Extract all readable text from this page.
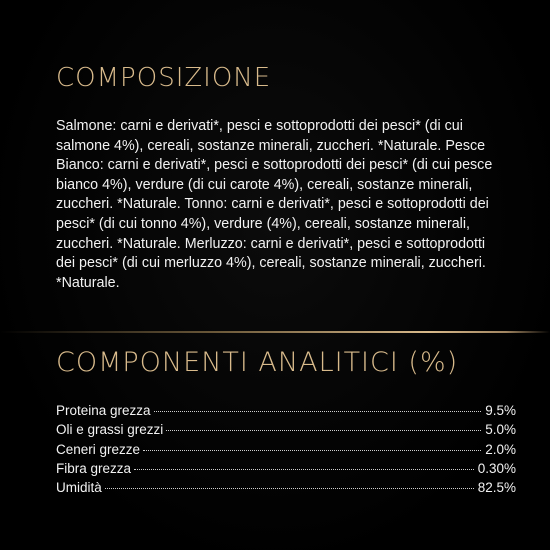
COMPOSIZIONE
Salmone: carni e derivati*, pesci e sottoprodotti dei pesci* (di cui salmone 4%), cereali, sostanze minerali, zuccheri. *Naturale. Pesce Bianco: carni e derivati*, pesci e sottoprodotti dei pesci* (di cui pesce bianco 4%), verdure (di cui carote 4%), cereali, sostanze minerali, zuccheri. *Naturale. Tonno: carni e derivati*, pesci e sottoprodotti dei pesci* (di cui tonno 4%), verdure (4%), cereali, sostanze minerali, zuccheri. *Naturale. Merluzzo: carni e derivati*, pesci e sottoprodotti dei pesci* (di cui merluzzo 4%), cereali, sostanze minerali, zuccheri. *Naturale.
COMPONENTI ANALITICI (%)
Proteina grezza	9.5%
Oli e grassi grezzi	5.0%
Ceneri grezze	2.0%
Fibra grezza	0.30%
Umidità	82.5%
